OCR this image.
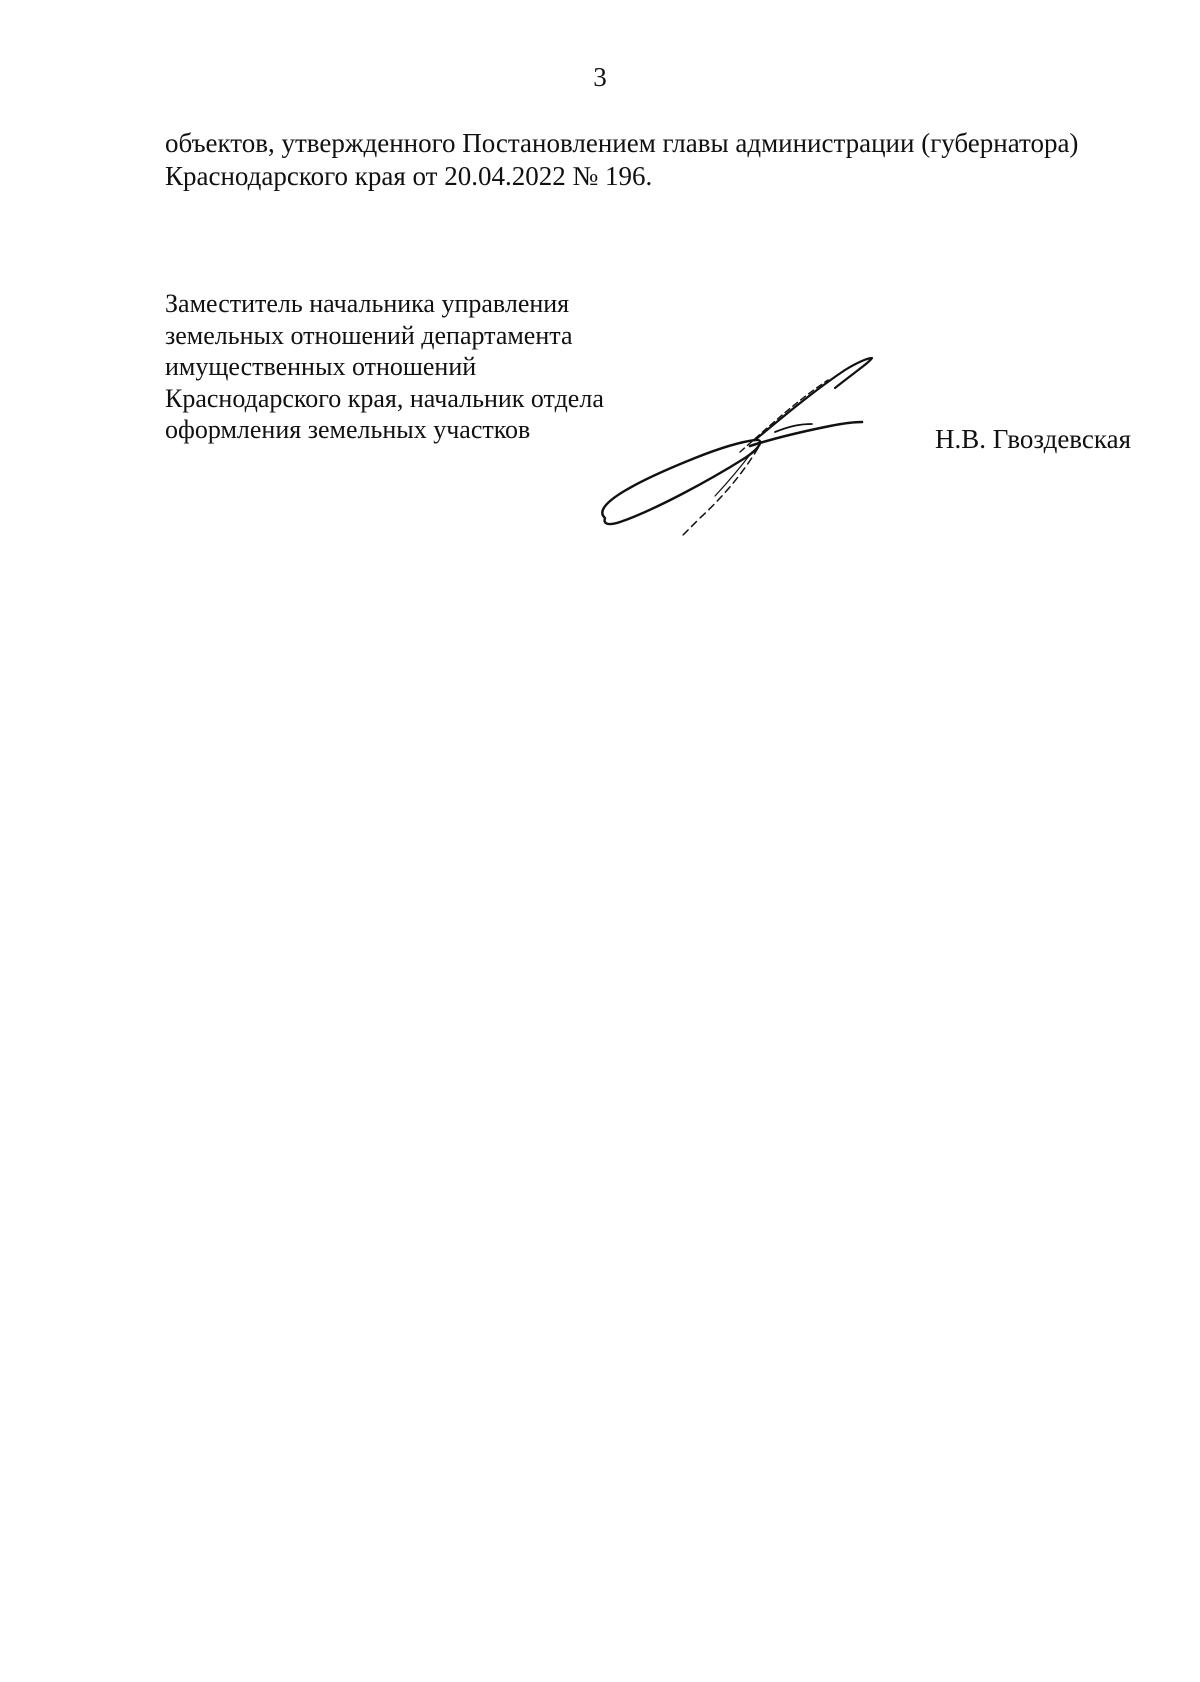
3
объектов, утвержденного Постановлением главы администрации (губернатора)
Краснодарского края от 20.04.2022 № 196.
Заместитель начальника управления
земельных отношений департамента
имущественных отношений
Краснодарского края, начальник отдела
оформления земельных участков	Н.В. Гвоздевская
